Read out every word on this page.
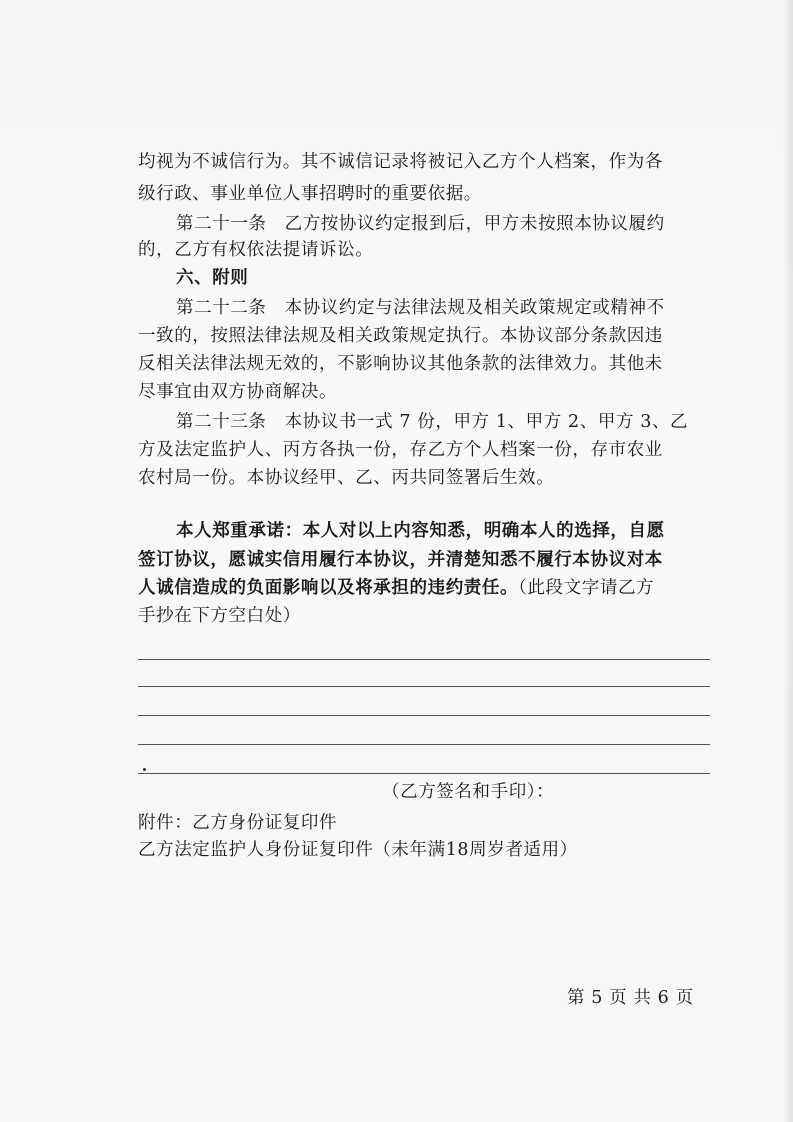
均视为不诚信行为。其不诚信记录将被记入乙方个人档案，作为各
级行政、事业单位人事招聘时的重要依据。
第二十一条　乙方按协议约定报到后，甲方未按照本协议履约
的，乙方有权依法提请诉讼。
六、附则
第二十二条　本协议约定与法律法规及相关政策规定或精神不
一致的，按照法律法规及相关政策规定执行。本协议部分条款因违
反相关法律法规无效的，不影响协议其他条款的法律效力。其他未
尽事宜由双方协商解决。
第二十三条　本协议书一式 7 份，甲方 1、甲方 2、甲方 3、乙
方及法定监护人、丙方各执一份，存乙方个人档案一份，存市农业
农村局一份。本协议经甲、乙、丙共同签署后生效。
本人郑重承诺：本人对以上内容知悉，明确本人的选择，自愿
签订协议，愿诚实信用履行本协议，并清楚知悉不履行本协议对本
人诚信造成的负面影响以及将承担的违约责任。（此段文字请乙方
手抄在下方空白处）
（乙方签名和手印）：
附件：乙方身份证复印件
乙方法定监护人身份证复印件（未年满18周岁者适用）
第 5 页 共 6 页
